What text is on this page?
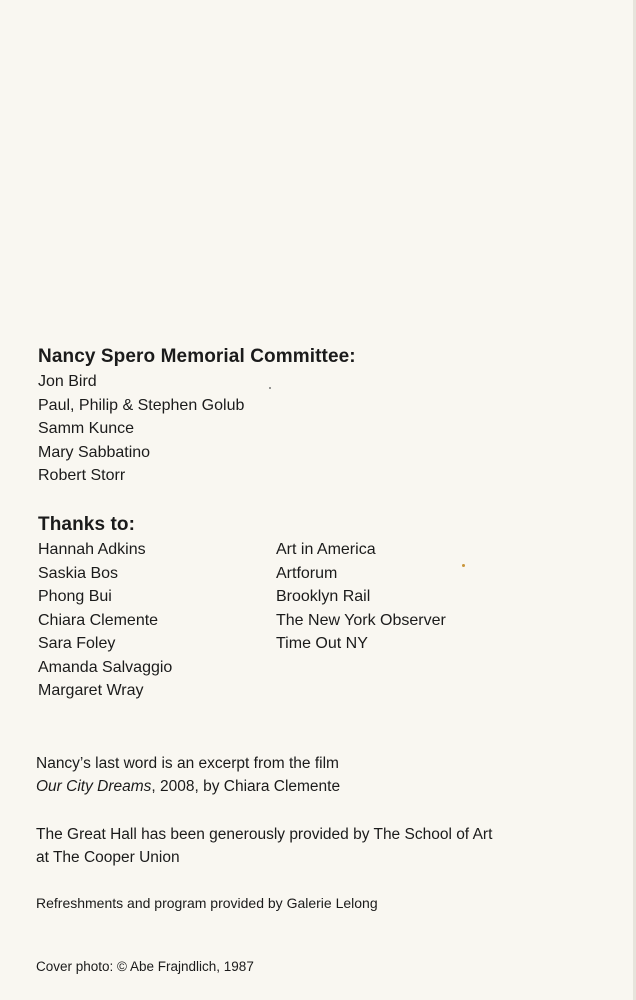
Nancy Spero Memorial Committee:
Jon Bird
Paul, Philip & Stephen Golub
Samm Kunce
Mary Sabbatino
Robert Storr
Thanks to:
Hannah Adkins
Saskia Bos
Phong Bui
Chiara Clemente
Sara Foley
Amanda Salvaggio
Margaret Wray
Art in America
Artforum
Brooklyn Rail
The New York Observer
Time Out NY
Nancy’s last word is an excerpt from the film
Our City Dreams, 2008, by Chiara Clemente
The Great Hall has been generously provided by The School of Art
at The Cooper Union
Refreshments and program provided by Galerie Lelong
Cover photo: © Abe Frajndlich, 1987
